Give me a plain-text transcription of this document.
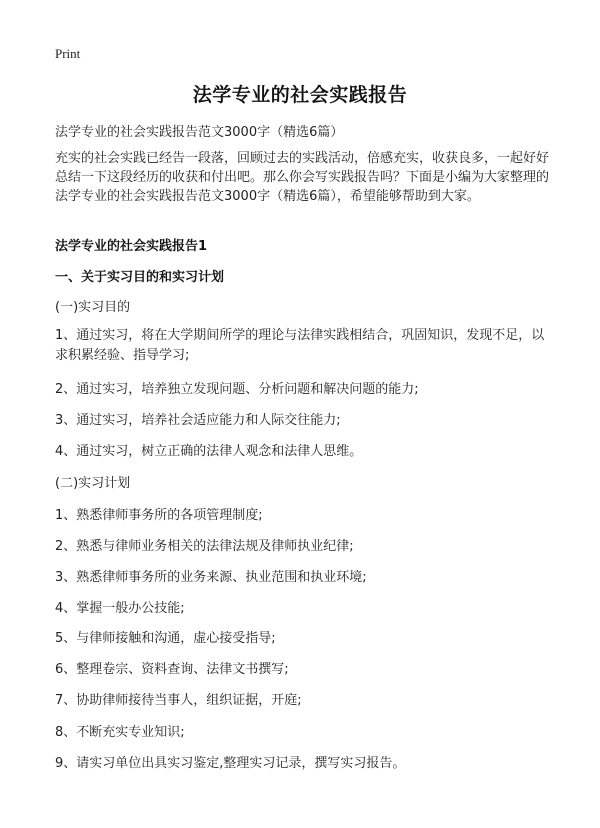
Print
法学专业的社会实践报告
法学专业的社会实践报告范文3000字（精选6篇）
充实的社会实践已经告一段落，回顾过去的实践活动，倍感充实，收获良多，一起好好总结一下这段经历的收获和付出吧。那么你会写实践报告吗？下面是小编为大家整理的法学专业的社会实践报告范文3000字（精选6篇），希望能够帮助到大家。
法学专业的社会实践报告1
一、关于实习目的和实习计划
(一)实习目的
1、通过实习，将在大学期间所学的理论与法律实践相结合，巩固知识，发现不足，以求积累经验、指导学习;
2、通过实习，培养独立发现问题、分析问题和解决问题的能力;
3、通过实习，培养社会适应能力和人际交往能力;
4、通过实习，树立正确的法律人观念和法律人思维。
(二)实习计划
1、熟悉律师事务所的各项管理制度;
2、熟悉与律师业务相关的法律法规及律师执业纪律;
3、熟悉律师事务所的业务来源、执业范围和执业环境;
4、掌握一般办公技能;
5、与律师接触和沟通，虚心接受指导;
6、整理卷宗、资料查询、法律文书撰写;
7、协助律师接待当事人，组织证据，开庭;
8、不断充实专业知识;
9、请实习单位出具实习鉴定,整理实习记录，撰写实习报告。
